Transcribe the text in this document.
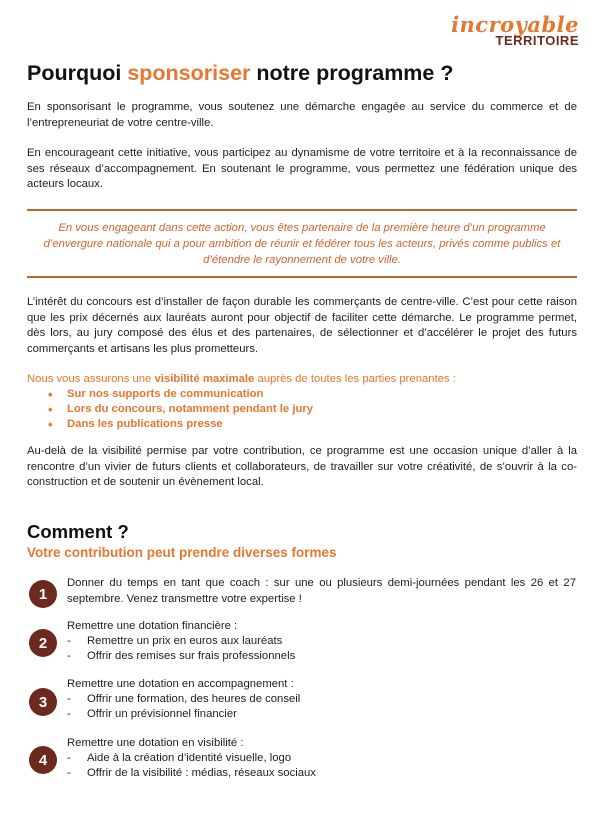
incroyable
TERRITOIRE
Pourquoi sponsoriser notre programme ?

En sponsorisant le programme, vous soutenez une démarche engagée au service du commerce et de l’entrepreneuriat de votre centre-ville.

En encourageant cette initiative, vous participez au dynamisme de votre territoire et à la reconnaissance de ses réseaux d’accompagnement. En soutenant le programme, vous permettez une fédération unique des acteurs locaux.

En vous engageant dans cette action, vous êtes partenaire de la première heure d’un programme d’envergure nationale qui a pour ambition de réunir et fédérer tous les acteurs, privés comme publics et d’étendre le rayonnement de votre ville.

L’intérêt du concours est d’installer de façon durable les commerçants de centre-ville. C’est pour cette raison que les prix décernés aux lauréats auront pour objectif de faciliter cette démarche. Le programme permet, dès lors, au jury composé des élus et des partenaires, de sélectionner et d’accélérer le projet des futurs commerçants et artisans les plus prometteurs.

Nous vous assurons une visibilité maximale auprès de toutes les parties prenantes :

• Sur nos supports de communication
• Lors du concours, notamment pendant le jury
• Dans les publications presse

Au-delà de la visibilité permise par votre contribution, ce programme est une occasion unique d’aller à la rencontre d’un vivier de futurs clients et collaborateurs, de travailler sur votre créativité, de s’ouvrir à la co-construction et de soutenir un évènement local.

Comment ?
Votre contribution peut prendre diverses formes
1

Donner du temps en tant que coach : sur une ou plusieurs demi-journées pendant les 26 et 27 septembre. Venez transmettre votre expertise !

2

Remettre une dotation financière :

- Remettre un prix en euros aux lauréats

- Offrir des remises sur frais professionnels

3

Remettre une dotation en accompagnement :

- Offrir une formation, des heures de conseil

- Offrir un prévisionnel financier

4

Remettre une dotation en visibilité :

- Aide à la création d’identité visuelle, logo

- Offrir de la visibilité : médias, réseaux sociaux
